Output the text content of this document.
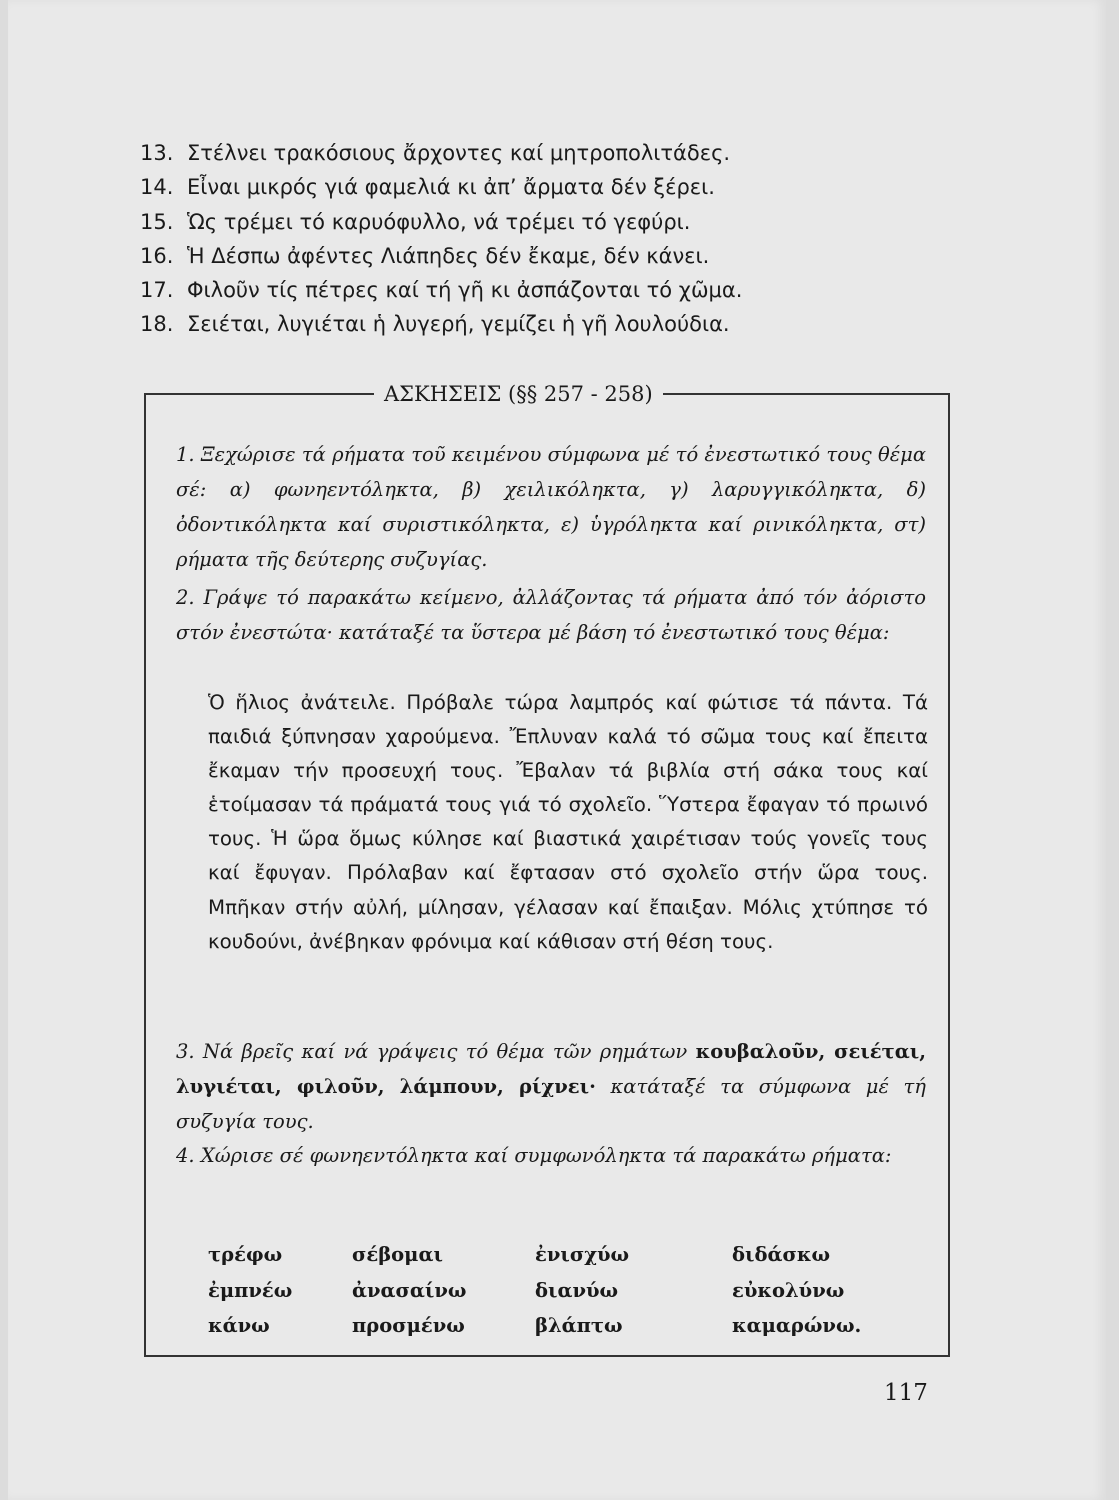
13. Στέλνει τρακόσιους ἄρχοντες καί μητροπολιτάδες.
14. Εἶναι μικρός γιά φαμελιά κι ἀπ’ ἄρματα δέν ξέρει.
15. Ὡς τρέμει τό καρυόφυλλο, νά τρέμει τό γεφύρι.
16. Ἡ Δέσπω ἀφέντες Λιάπηδες δέν ἔκαμε, δέν κάνει.
17. Φιλοῦν τίς πέτρες καί τή γῆ κι ἀσπάζονται τό χῶμα.
18. Σειέται, λυγιέται ἡ λυγερή, γεμίζει ἡ γῆ λουλούδια.
ΑΣΚΗΣΕΙΣ (§§ 257 - 258)

1. Ξεχώρισε τά ρήματα τοῦ κειμένου σύμφωνα μέ τό ἐνεστωτικό τους θέμα σέ: α) φωνηεντόληκτα, β) χειλικόληκτα, γ) λαρυγγικόληκτα, δ) ὀδοντικόληκτα καί συριστικόληκτα, ε) ὑγρόληκτα καί ρινικόληκτα, στ) ρήματα τῆς δεύτερης συζυγίας.

2. Γράψε τό παρακάτω κείμενο, ἀλλάζοντας τά ρήματα ἀπό τόν ἀόριστο στόν ἐνεστώτα· κατάταξέ τα ὕστερα μέ βάση τό ἐνεστωτικό τους θέμα:

Ὁ ἥλιος ἀνάτειλε. Πρόβαλε τώρα λαμπρός καί φώτισε τά πάντα. Τά παιδιά ξύπνησαν χαρούμενα. Ἔπλυναν καλά τό σῶμα τους καί ἔπειτα ἔκαμαν τήν προσευχή τους. Ἔβαλαν τά βιβλία στή σάκα τους καί ἑτοίμασαν τά πράματά τους γιά τό σχολεῖο. Ὕστερα ἔφαγαν τό πρωινό τους. Ἡ ὥρα ὅμως κύλησε καί βιαστικά χαιρέτισαν τούς γονεῖς τους καί ἔφυγαν. Πρόλαβαν καί ἔφτασαν στό σχολεῖο στήν ὥρα τους. Μπῆκαν στήν αὐλή, μίλησαν, γέλασαν καί ἔπαιξαν. Μόλις χτύπησε τό κουδούνι, ἀνέβηκαν φρόνιμα καί κάθισαν στή θέση τους.

3. Νά βρεῖς καί νά γράψεις τό θέμα τῶν ρημάτων κουβαλοῦν, σειέται, λυγιέται, φιλοῦν, λάμπουν, ρίχνει· κατάταξέ τα σύμφωνα μέ τή συζυγία τους.

4. Χώρισε σέ φωνηεντόληκτα καί συμφωνόληκτα τά παρακάτω ρήματα:

τρέφω	σέβομαι	ἐνισχύω	διδάσκω
ἐμπνέω	ἀνασαίνω	διανύω	εὐκολύνω
κάνω	προσμένω	βλάπτω	καμαρώνω.
117
